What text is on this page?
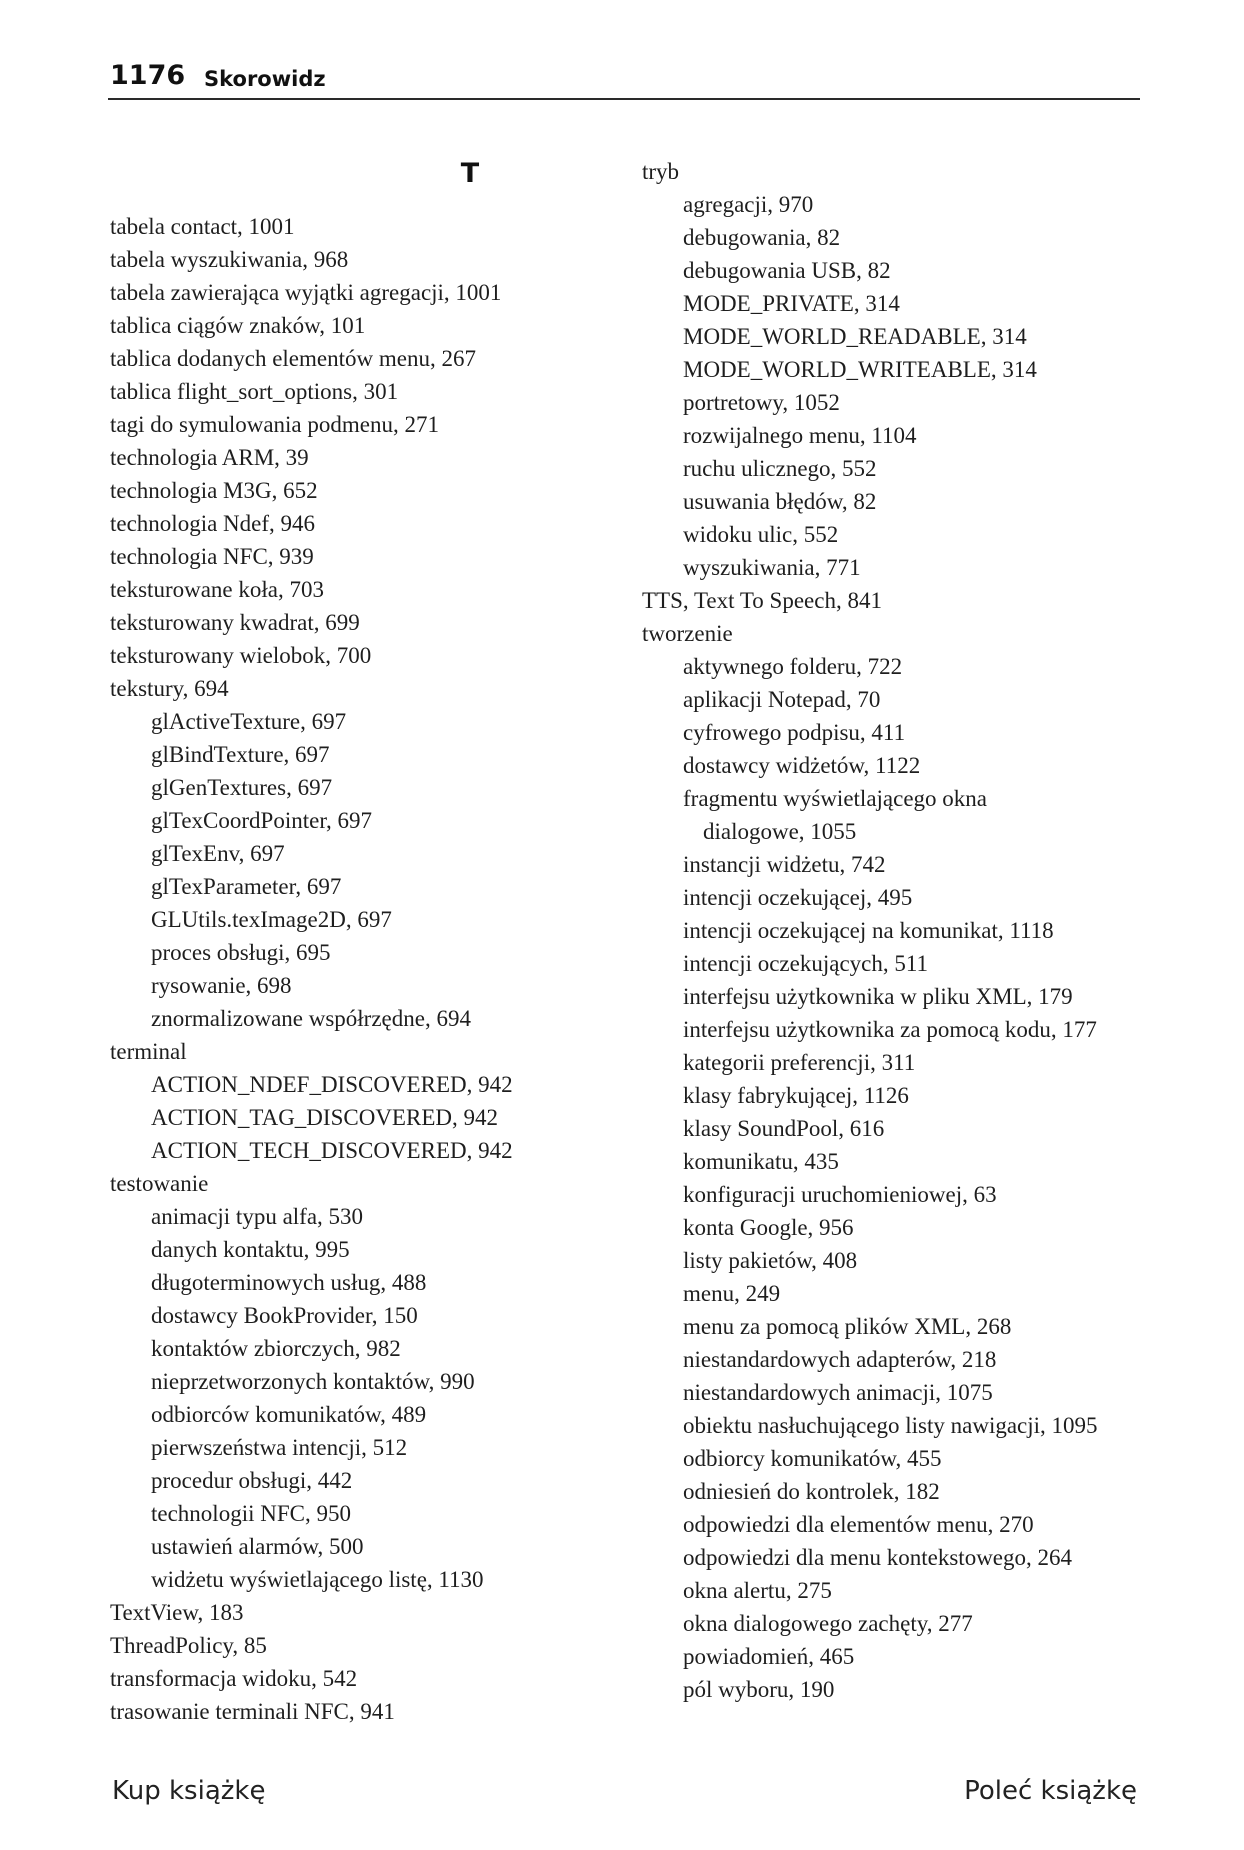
1176 Skorowidz
T
tabela contact, 1001
tabela wyszukiwania, 968
tabela zawierająca wyjątki agregacji, 1001
tablica ciągów znaków, 101
tablica dodanych elementów menu, 267
tablica flight_sort_options, 301
tagi do symulowania podmenu, 271
technologia ARM, 39
technologia M3G, 652
technologia Ndef, 946
technologia NFC, 939
teksturowane koła, 703
teksturowany kwadrat, 699
teksturowany wielobok, 700
tekstury, 694
glActiveTexture, 697
glBindTexture, 697
glGenTextures, 697
glTexCoordPointer, 697
glTexEnv, 697
glTexParameter, 697
GLUtils.texImage2D, 697
proces obsługi, 695
rysowanie, 698
znormalizowane współrzędne, 694
terminal
ACTION_NDEF_DISCOVERED, 942
ACTION_TAG_DISCOVERED, 942
ACTION_TECH_DISCOVERED, 942
testowanie
animacji typu alfa, 530
danych kontaktu, 995
długoterminowych usług, 488
dostawcy BookProvider, 150
kontaktów zbiorczych, 982
nieprzetworzonych kontaktów, 990
odbiorców komunikatów, 489
pierwszeństwa intencji, 512
procedur obsługi, 442
technologii NFC, 950
ustawień alarmów, 500
widżetu wyświetlającego listę, 1130
TextView, 183
ThreadPolicy, 85
transformacja widoku, 542
trasowanie terminali NFC, 941
tryb
agregacji, 970
debugowania, 82
debugowania USB, 82
MODE_PRIVATE, 314
MODE_WORLD_READABLE, 314
MODE_WORLD_WRITEABLE, 314
portretowy, 1052
rozwijalnego menu, 1104
ruchu ulicznego, 552
usuwania błędów, 82
widoku ulic, 552
wyszukiwania, 771
TTS, Text To Speech, 841
tworzenie
aktywnego folderu, 722
aplikacji Notepad, 70
cyfrowego podpisu, 411
dostawcy widżetów, 1122
fragmentu wyświetlającego okna
dialogowe, 1055
instancji widżetu, 742
intencji oczekującej, 495
intencji oczekującej na komunikat, 1118
intencji oczekujących, 511
interfejsu użytkownika w pliku XML, 179
interfejsu użytkownika za pomocą kodu, 177
kategorii preferencji, 311
klasy fabrykującej, 1126
klasy SoundPool, 616
komunikatu, 435
konfiguracji uruchomieniowej, 63
konta Google, 956
listy pakietów, 408
menu, 249
menu za pomocą plików XML, 268
niestandardowych adapterów, 218
niestandardowych animacji, 1075
obiektu nasłuchującego listy nawigacji, 1095
odbiorcy komunikatów, 455
odniesień do kontrolek, 182
odpowiedzi dla elementów menu, 270
odpowiedzi dla menu kontekstowego, 264
okna alertu, 275
okna dialogowego zachęty, 277
powiadomień, 465
pól wyboru, 190
Kup książkę	Poleć książkę
